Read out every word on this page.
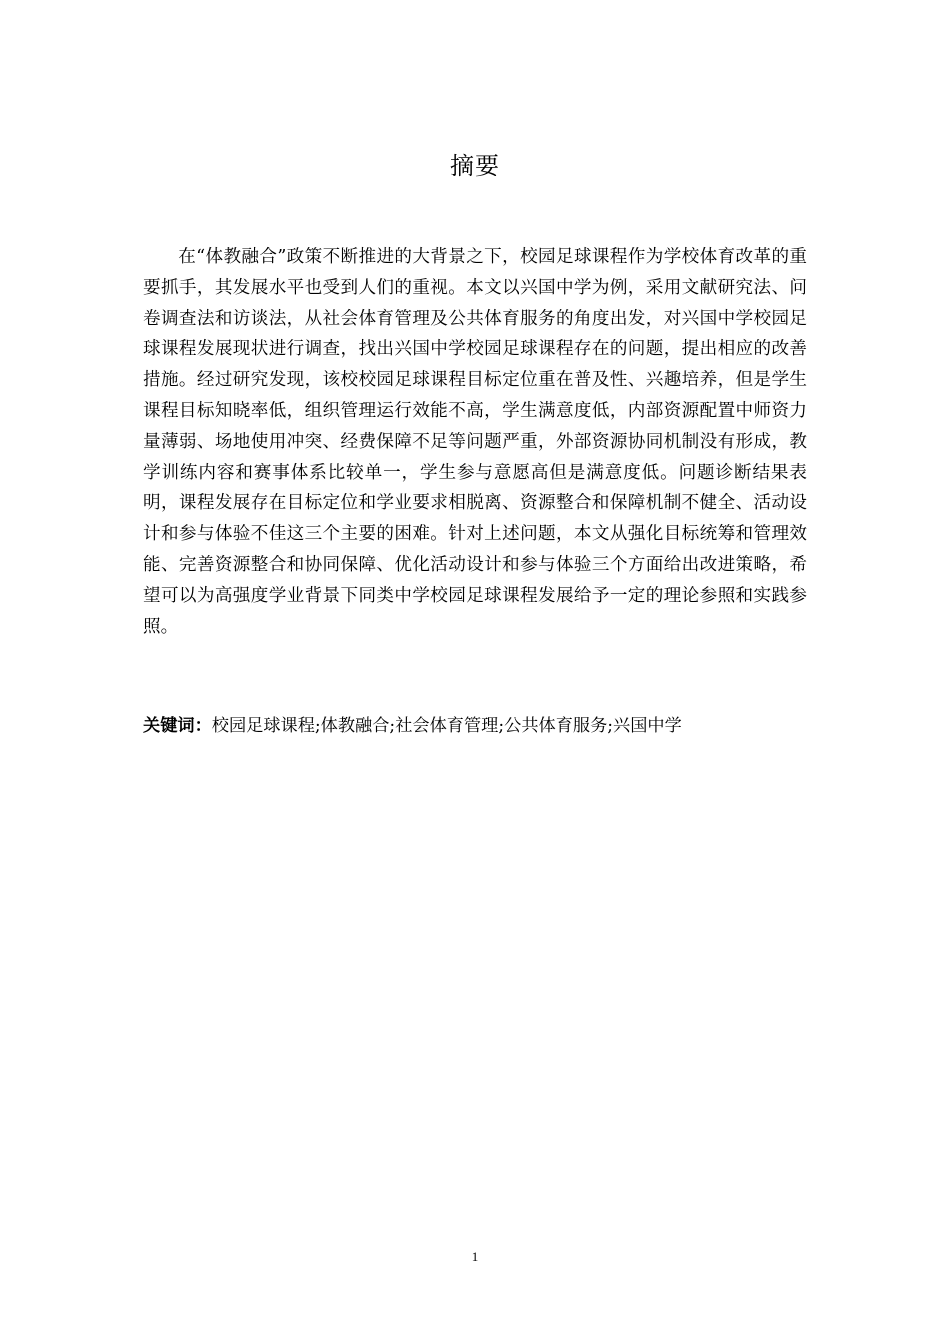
摘要

在“体教融合”政策不断推进的大背景之下，校园足球课程作为学校体育改革的重要抓手，其发展水平也受到人们的重视。本文以兴国中学为例，采用文献研究法、问卷调查法和访谈法，从社会体育管理及公共体育服务的角度出发，对兴国中学校园足球课程发展现状进行调查，找出兴国中学校园足球课程存在的问题，提出相应的改善措施。经过研究发现，该校校园足球课程目标定位重在普及性、兴趣培养，但是学生课程目标知晓率低，组织管理运行效能不高，学生满意度低，内部资源配置中师资力量薄弱、场地使用冲突、经费保障不足等问题严重，外部资源协同机制没有形成，教学训练内容和赛事体系比较单一，学生参与意愿高但是满意度低。问题诊断结果表明，课程发展存在目标定位和学业要求相脱离、资源整合和保障机制不健全、活动设计和参与体验不佳这三个主要的困难。针对上述问题，本文从强化目标统筹和管理效能、完善资源整合和协同保障、优化活动设计和参与体验三个方面给出改进策略，希望可以为高强度学业背景下同类中学校园足球课程发展给予一定的理论参照和实践参照。

关键词：校园足球课程;体教融合;社会体育管理;公共体育服务;兴国中学
1
